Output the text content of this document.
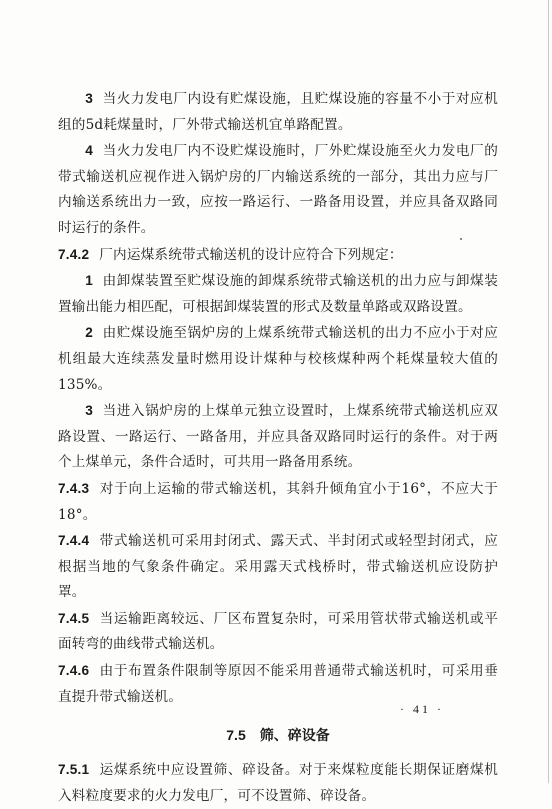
3 当火力发电厂内设有贮煤设施，且贮煤设施的容量不小于对应机组的5d耗煤量时，厂外带式输送机宜单路配置。

4 当火力发电厂内不设贮煤设施时，厂外贮煤设施至火力发电厂的带式输送机应视作进入锅炉房的厂内输送系统的一部分，其出力应与厂内输送系统出力一致，应按一路运行、一路备用设置，并应具备双路同时运行的条件。

7.4.2 厂内运煤系统带式输送机的设计应符合下列规定：

1 由卸煤装置至贮煤设施的卸煤系统带式输送机的出力应与卸煤装置输出能力相匹配，可根据卸煤装置的形式及数量单路或双路设置。

2 由贮煤设施至锅炉房的上煤系统带式输送机的出力不应小于对应机组最大连续蒸发量时燃用设计煤种与校核煤种两个耗煤量较大值的135%。

3 当进入锅炉房的上煤单元独立设置时，上煤系统带式输送机应双路设置、一路运行、一路备用，并应具备双路同时运行的条件。对于两个上煤单元，条件合适时，可共用一路备用系统。

7.4.3 对于向上运输的带式输送机，其斜升倾角宜小于16°，不应大于18°。

7.4.4 带式输送机可采用封闭式、露天式、半封闭式或轻型封闭式，应根据当地的气象条件确定。采用露天式栈桥时，带式输送机应设防护罩。

7.4.5 当运输距离较远、厂区布置复杂时，可采用管状带式输送机或平面转弯的曲线带式输送机。

7.4.6 由于布置条件限制等原因不能采用普通带式输送机时，可采用垂直提升带式输送机。

7.5 筛、碎设备

7.5.1 运煤系统中应设置筛、碎设备。对于来煤粒度能长期保证磨煤机入料粒度要求的火力发电厂，可不设置筛、碎设备。

· 41 ·
